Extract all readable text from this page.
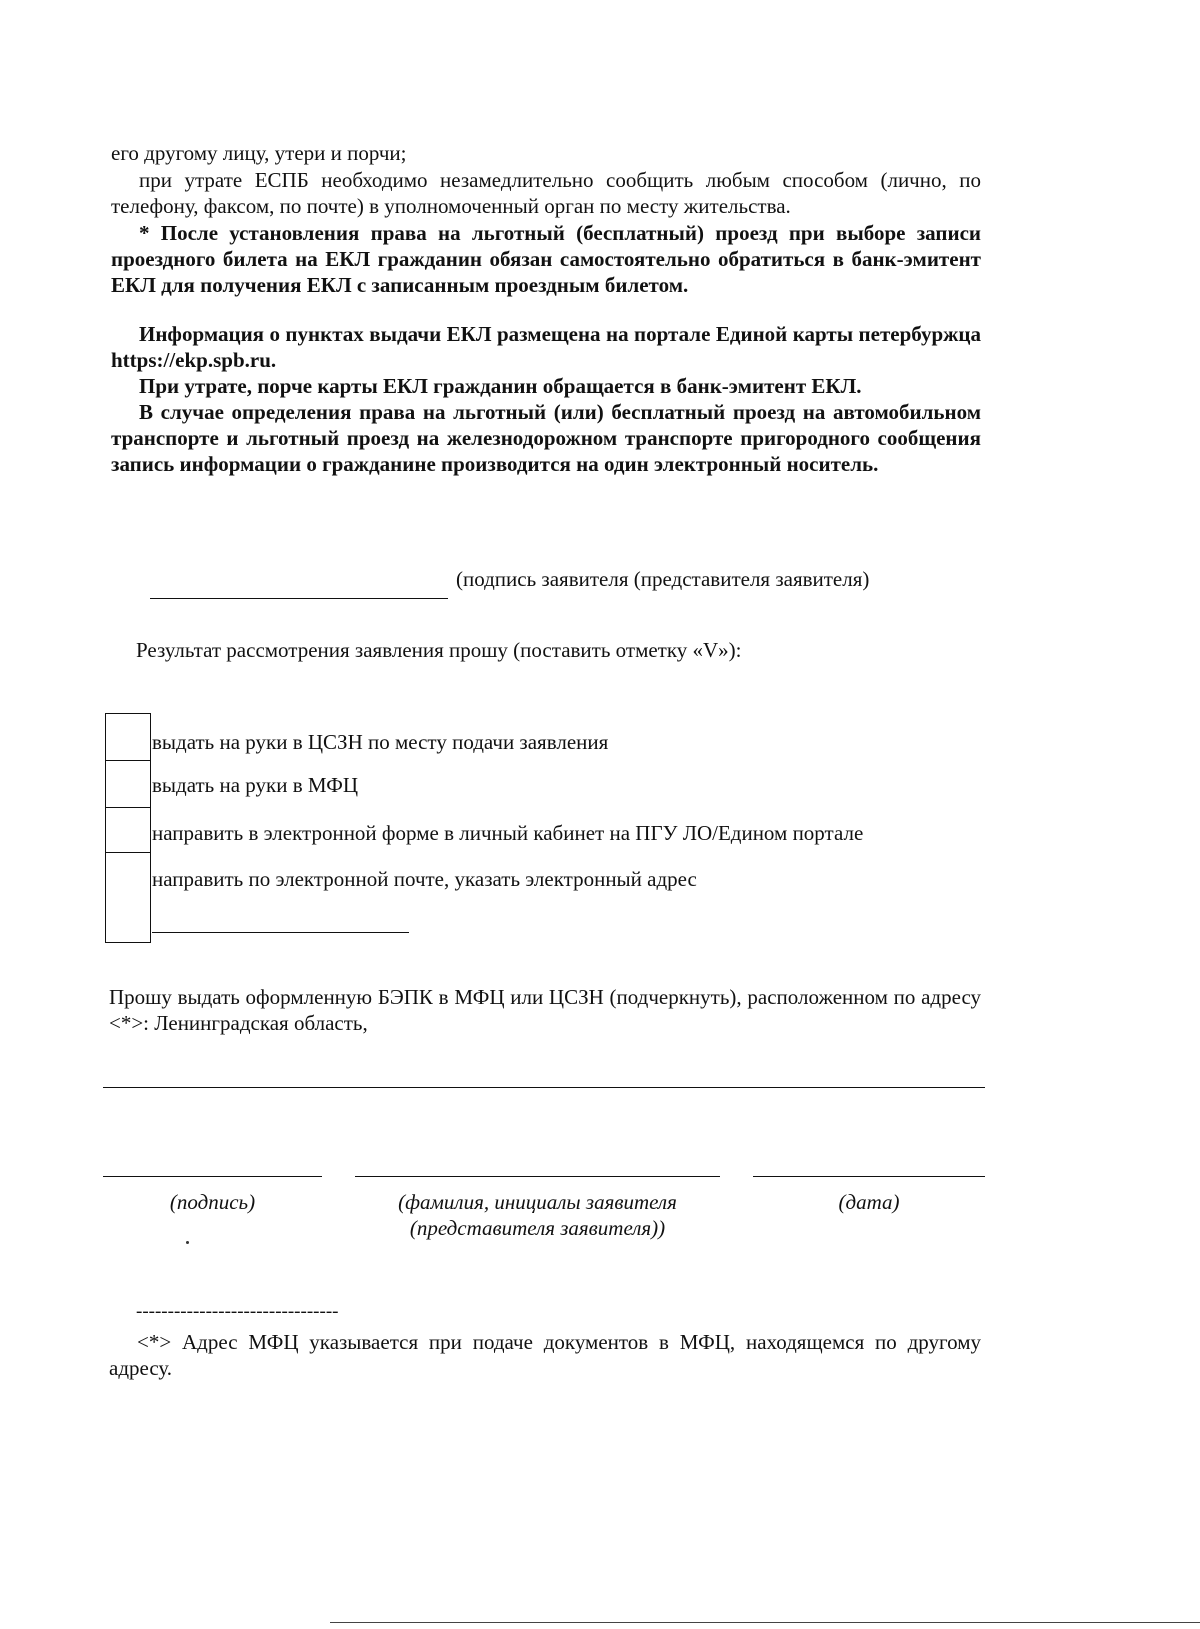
его другому лицу, утери и порчи;
при утрате ЕСПБ необходимо незамедлительно сообщить любым способом (лично, по телефону, факсом, по почте) в уполномоченный орган по месту жительства.
* После установления права на льготный (бесплатный) проезд при выборе записи проездного билета на ЕКЛ гражданин обязан самостоятельно обратиться в банк-эмитент ЕКЛ для получения ЕКЛ с записанным проездным билетом.
Информация о пунктах выдачи ЕКЛ размещена на портале Единой карты петербуржца https://ekp.spb.ru.
При утрате, порче карты ЕКЛ гражданин обращается в банк-эмитент ЕКЛ.
В случае определения права на льготный (или) бесплатный проезд на автомобильном транспорте и льготный проезд на железнодорожном транспорте пригородного сообщения запись информации о гражданине производится на один электронный носитель.
(подпись заявителя (представителя заявителя)
Результат рассмотрения заявления прошу (поставить отметку «V»):
выдать на руки в ЦСЗН по месту подачи заявления
выдать на руки в МФЦ
направить в электронной форме в личный кабинет на ПГУ ЛО/Едином портале
направить по электронной почте, указать электронный адрес
Прошу выдать оформленную БЭПК в МФЦ или ЦСЗН (подчеркнуть), расположенном по адресу <*>: Ленинградская область,
(подпись)	(фамилия, инициалы заявителя
(представителя заявителя))
(дата)
--------------------------------
<*> Адрес МФЦ указывается при подаче документов в МФЦ, находящемся по другому адресу.
